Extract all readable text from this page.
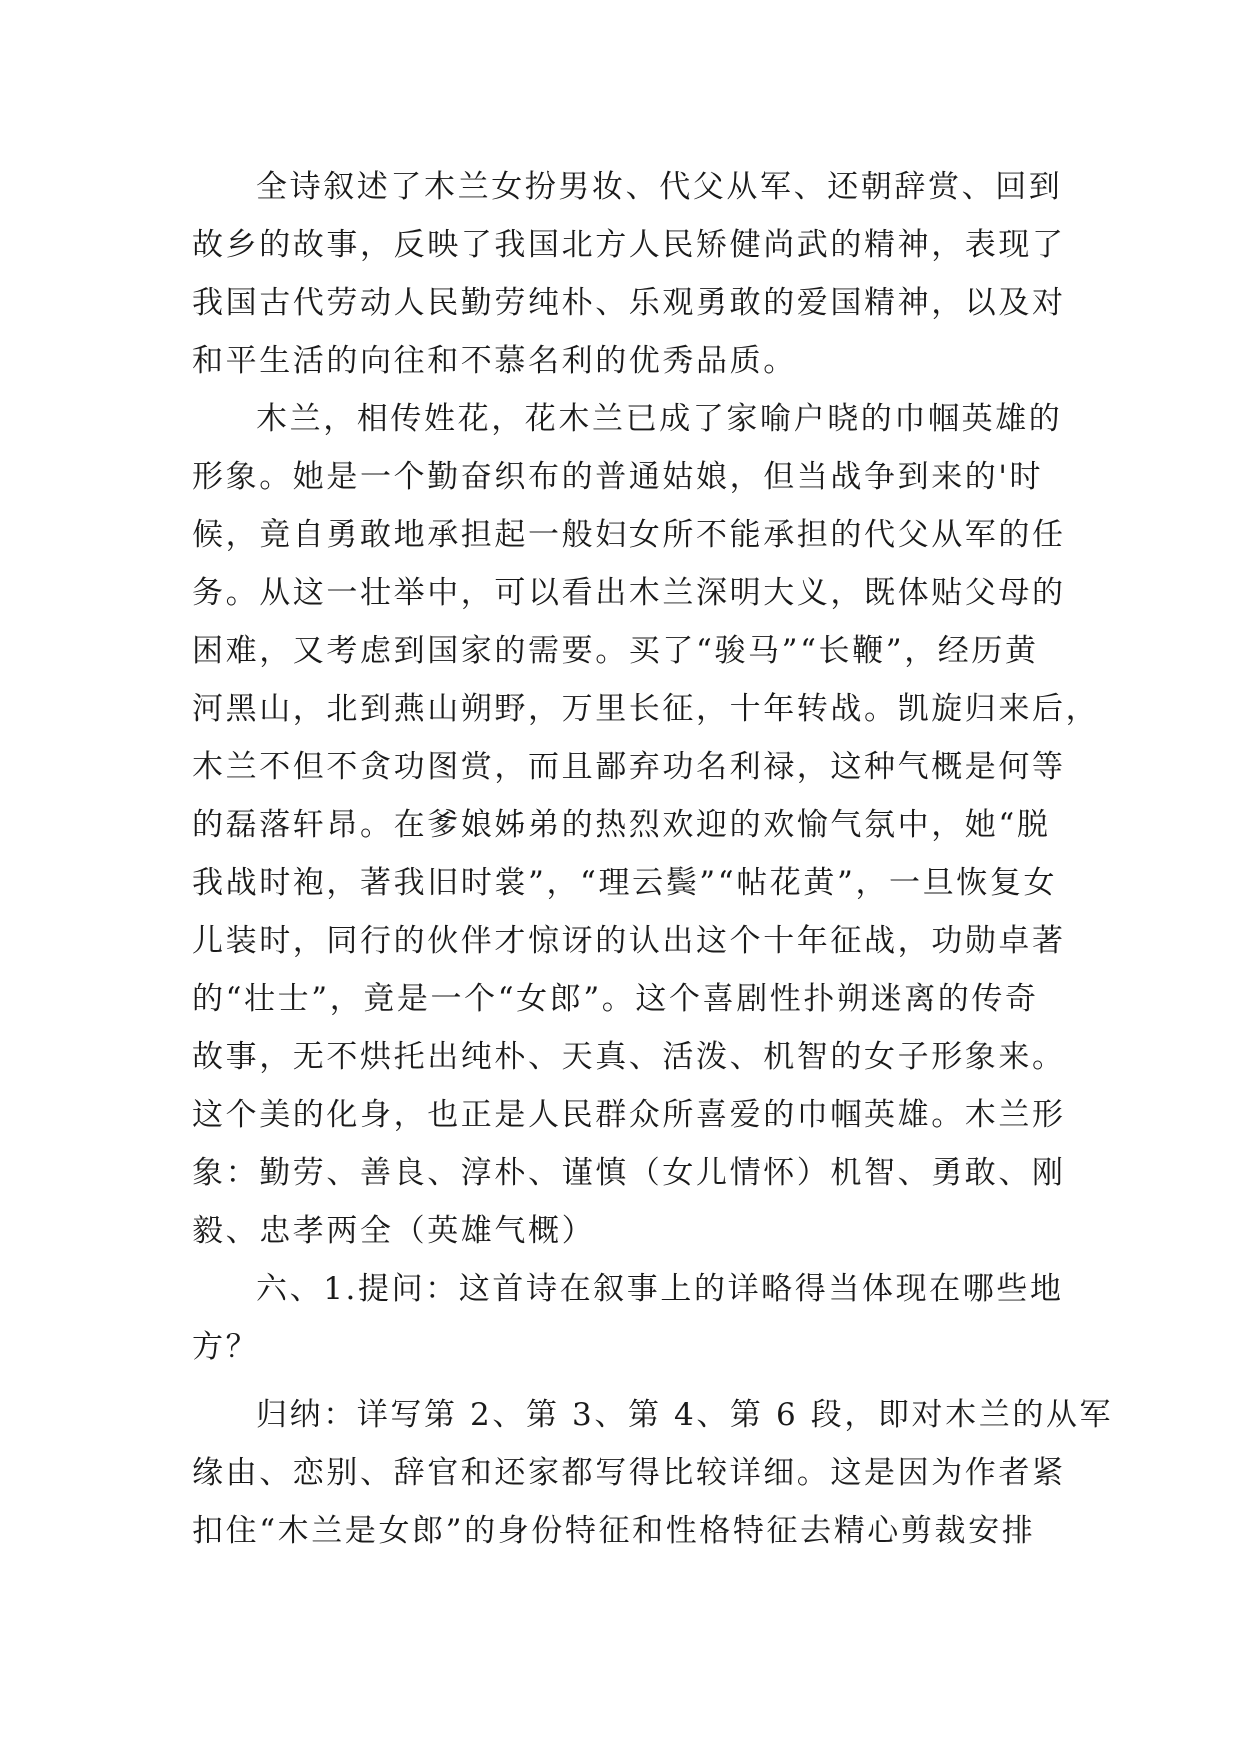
全诗叙述了木兰女扮男妆、代父从军、还朝辞赏、回到
故乡的故事，反映了我国北方人民矫健尚武的精神，表现了
我国古代劳动人民勤劳纯朴、乐观勇敢的爱国精神，以及对
和平生活的向往和不慕名利的优秀品质。
木兰，相传姓花，花木兰已成了家喻户晓的巾帼英雄的
形象。她是一个勤奋织布的普通姑娘，但当战争到来的'时
候，竟自勇敢地承担起一般妇女所不能承担的代父从军的任
务。从这一壮举中，可以看出木兰深明大义，既体贴父母的
困难，又考虑到国家的需要。买了“骏马”“长鞭”，经历黄
河黑山，北到燕山朔野，万里长征，十年转战。凯旋归来后，
木兰不但不贪功图赏，而且鄙弃功名利禄，这种气概是何等
的磊落轩昂。在爹娘姊弟的热烈欢迎的欢愉气氛中，她“脱
我战时袍，著我旧时裳”，“理云鬓”“帖花黄”，一旦恢复女
儿装时，同行的伙伴才惊讶的认出这个十年征战，功勋卓著
的“壮士”，竟是一个“女郎”。这个喜剧性扑朔迷离的传奇
故事，无不烘托出纯朴、天真、活泼、机智的女子形象来。
这个美的化身，也正是人民群众所喜爱的巾帼英雄。木兰形
象：勤劳、善良、淳朴、谨慎（女儿情怀）机智、勇敢、刚
毅、忠孝两全（英雄气概）
六、1.提问：这首诗在叙事上的详略得当体现在哪些地
方？
归纳：详写第 2、第 3、第 4、第 6 段，即对木兰的从军
缘由、恋别、辞官和还家都写得比较详细。这是因为作者紧
扣住“木兰是女郎”的身份特征和性格特征去精心剪裁安排
